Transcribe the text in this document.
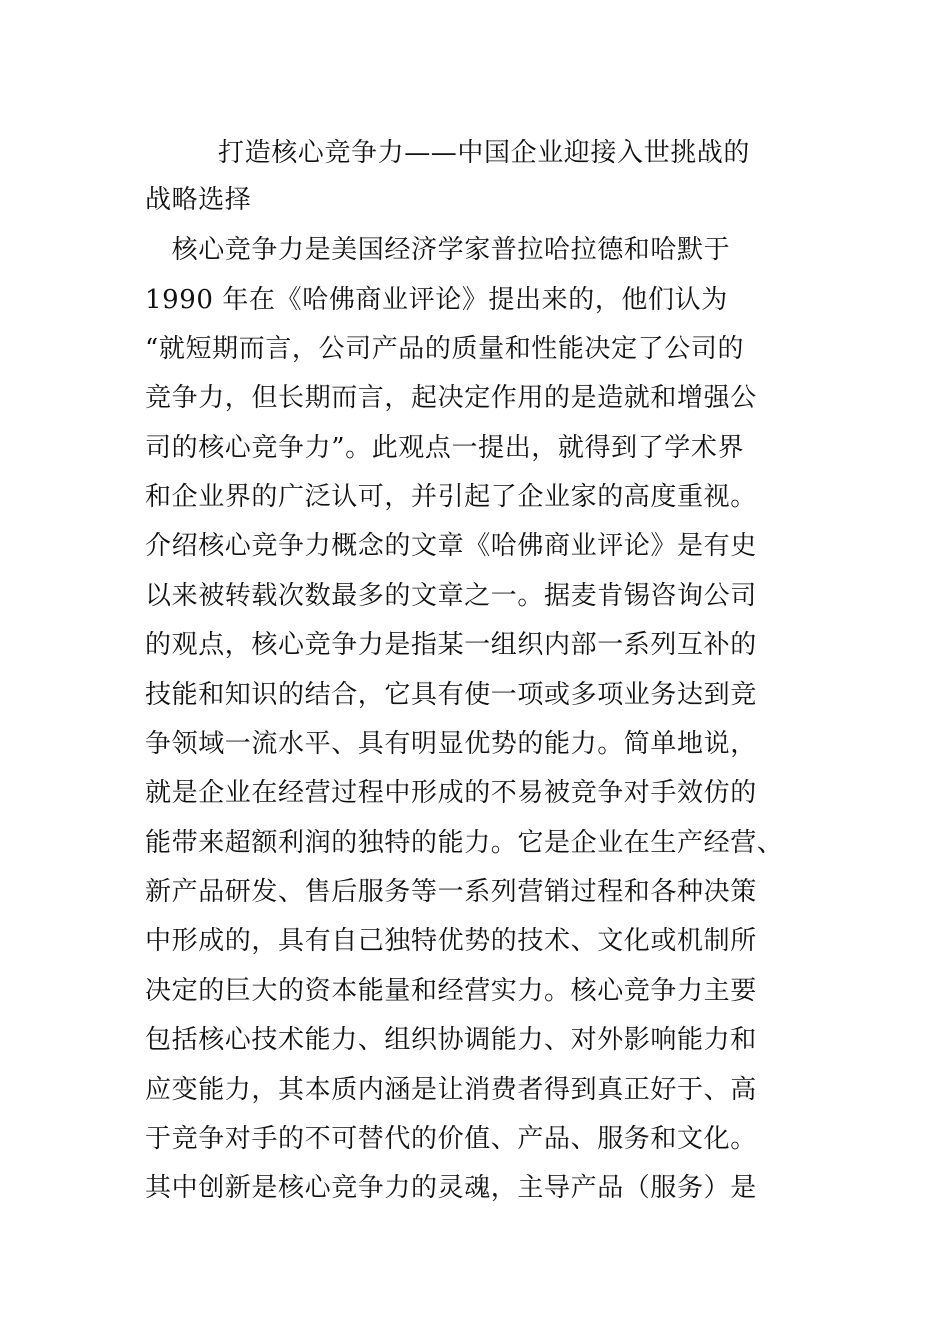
打造核心竞争力——中国企业迎接入世挑战的
战略选择
　核心竞争力是美国经济学家普拉哈拉德和哈默于
1990 年在《哈佛商业评论》提出来的，他们认为
“就短期而言，公司产品的质量和性能决定了公司的
竞争力，但长期而言，起决定作用的是造就和增强公
司的核心竞争力”。此观点一提出，就得到了学术界
和企业界的广泛认可，并引起了企业家的高度重视。
介绍核心竞争力概念的文章《哈佛商业评论》是有史
以来被转载次数最多的文章之一。据麦肯锡咨询公司
的观点，核心竞争力是指某一组织内部一系列互补的
技能和知识的结合，它具有使一项或多项业务达到竞
争领域一流水平、具有明显优势的能力。简单地说，
就是企业在经营过程中形成的不易被竞争对手效仿的
能带来超额利润的独特的能力。它是企业在生产经营、
新产品研发、售后服务等一系列营销过程和各种决策
中形成的，具有自己独特优势的技术、文化或机制所
决定的巨大的资本能量和经营实力。核心竞争力主要
包括核心技术能力、组织协调能力、对外影响能力和
应变能力，其本质内涵是让消费者得到真正好于、高
于竞争对手的不可替代的价值、产品、服务和文化。
其中创新是核心竞争力的灵魂，主导产品（服务）是
